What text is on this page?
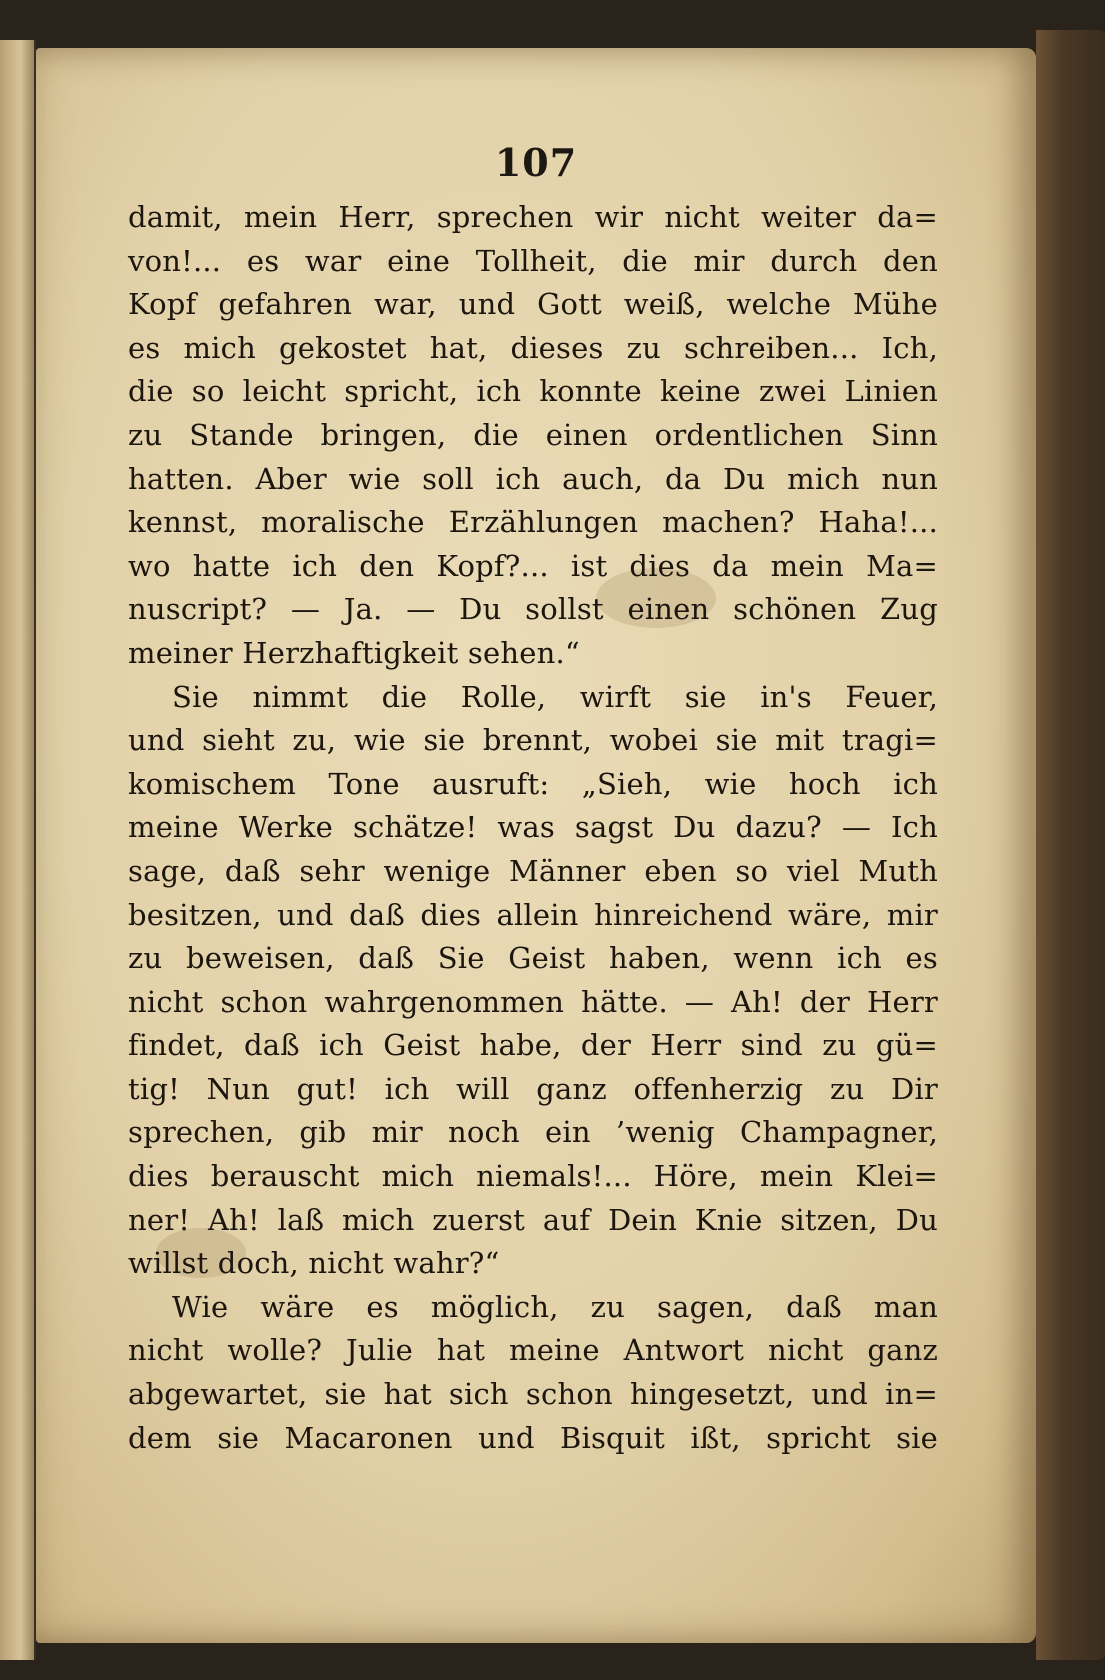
107
damit, mein Herr, sprechen wir nicht weiter da=
von!... es war eine Tollheit, die mir durch den
Kopf gefahren war, und Gott weiß, welche Mühe
es mich gekostet hat, dieses zu schreiben... Ich,
die so leicht spricht, ich konnte keine zwei Linien
zu Stande bringen, die einen ordentlichen Sinn
hatten. Aber wie soll ich auch, da Du mich nun
kennst, moralische Erzählungen machen? Haha!...
wo hatte ich den Kopf?... ist dies da mein Ma=
nuscript? — Ja. — Du sollst einen schönen Zug
meiner Herzhaftigkeit sehen.“
Sie nimmt die Rolle, wirft sie in's Feuer,
und sieht zu, wie sie brennt, wobei sie mit tragi=
komischem Tone ausruft: „Sieh, wie hoch ich
meine Werke schätze! was sagst Du dazu? — Ich
sage, daß sehr wenige Männer eben so viel Muth
besitzen, und daß dies allein hinreichend wäre, mir
zu beweisen, daß Sie Geist haben, wenn ich es
nicht schon wahrgenommen hätte. — Ah! der Herr
findet, daß ich Geist habe, der Herr sind zu gü=
tig! Nun gut! ich will ganz offenherzig zu Dir
sprechen, gib mir noch ein ’wenig Champagner,
dies berauscht mich niemals!... Höre, mein Klei=
ner! Ah! laß mich zuerst auf Dein Knie sitzen, Du
willst doch, nicht wahr?“
Wie wäre es möglich, zu sagen, daß man
nicht wolle? Julie hat meine Antwort nicht ganz
abgewartet, sie hat sich schon hingesetzt, und in=
dem sie Macaronen und Bisquit ißt, spricht sie
